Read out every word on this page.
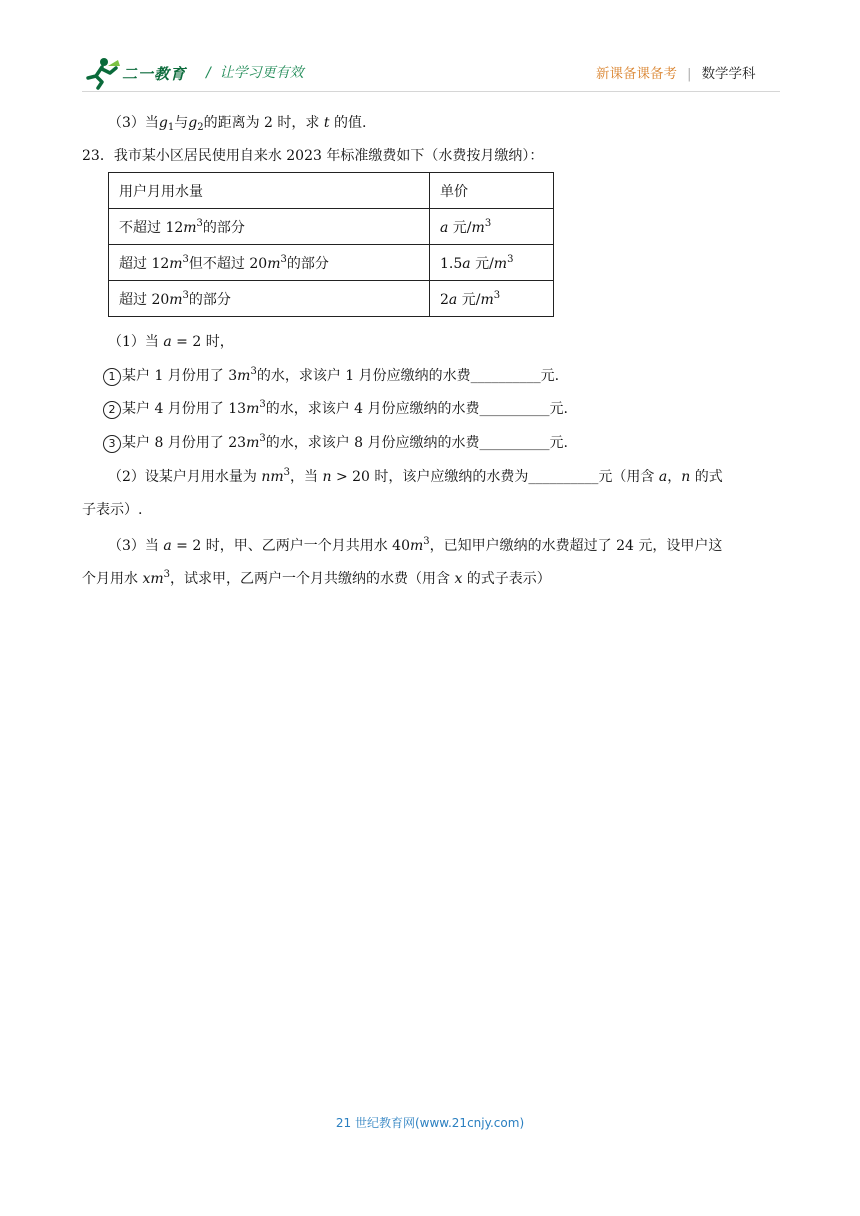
二一教育 /  让学习更有效	新课备课备考 | 数学学科
（3）当$g_1$与$g_2$的距离为 2 时，求 t 的值.
23．我市某小区居民使用自来水 2023 年标准缴费如下（水费按月缴纳）：
用户月用水量	单价
不超过 $12m^3$的部分	a 元$/m^3$
超过 $12m^3$但不超过 $20m^3$的部分	1.5a 元$/m^3$
超过 $20m^3$的部分	2a 元$/m^3$
（1）当 a = 2 时，
1 某户 1 月份用了 $3m^3$的水，求该户 1 月份应缴纳的水费__________元.
2 某户 4 月份用了 $13m^3$的水，求该户 4 月份应缴纳的水费__________元.
3 某户 8 月份用了 $23m^3$的水，求该户 8 月份应缴纳的水费__________元.
（2）设某户月用水量为 $nm^3$，当 n > 20 时，该户应缴纳的水费为__________元（用含 a，n 的式
子表示）.
（3）当 a = 2 时，甲、乙两户一个月共用水 $40m^3$，已知甲户缴纳的水费超过了 24 元，设甲户这
个月用水 $xm^3$，试求甲，乙两户一个月共缴纳的水费（用含 x 的式子表示）
21 世纪教育网(www.21cnjy.com)
